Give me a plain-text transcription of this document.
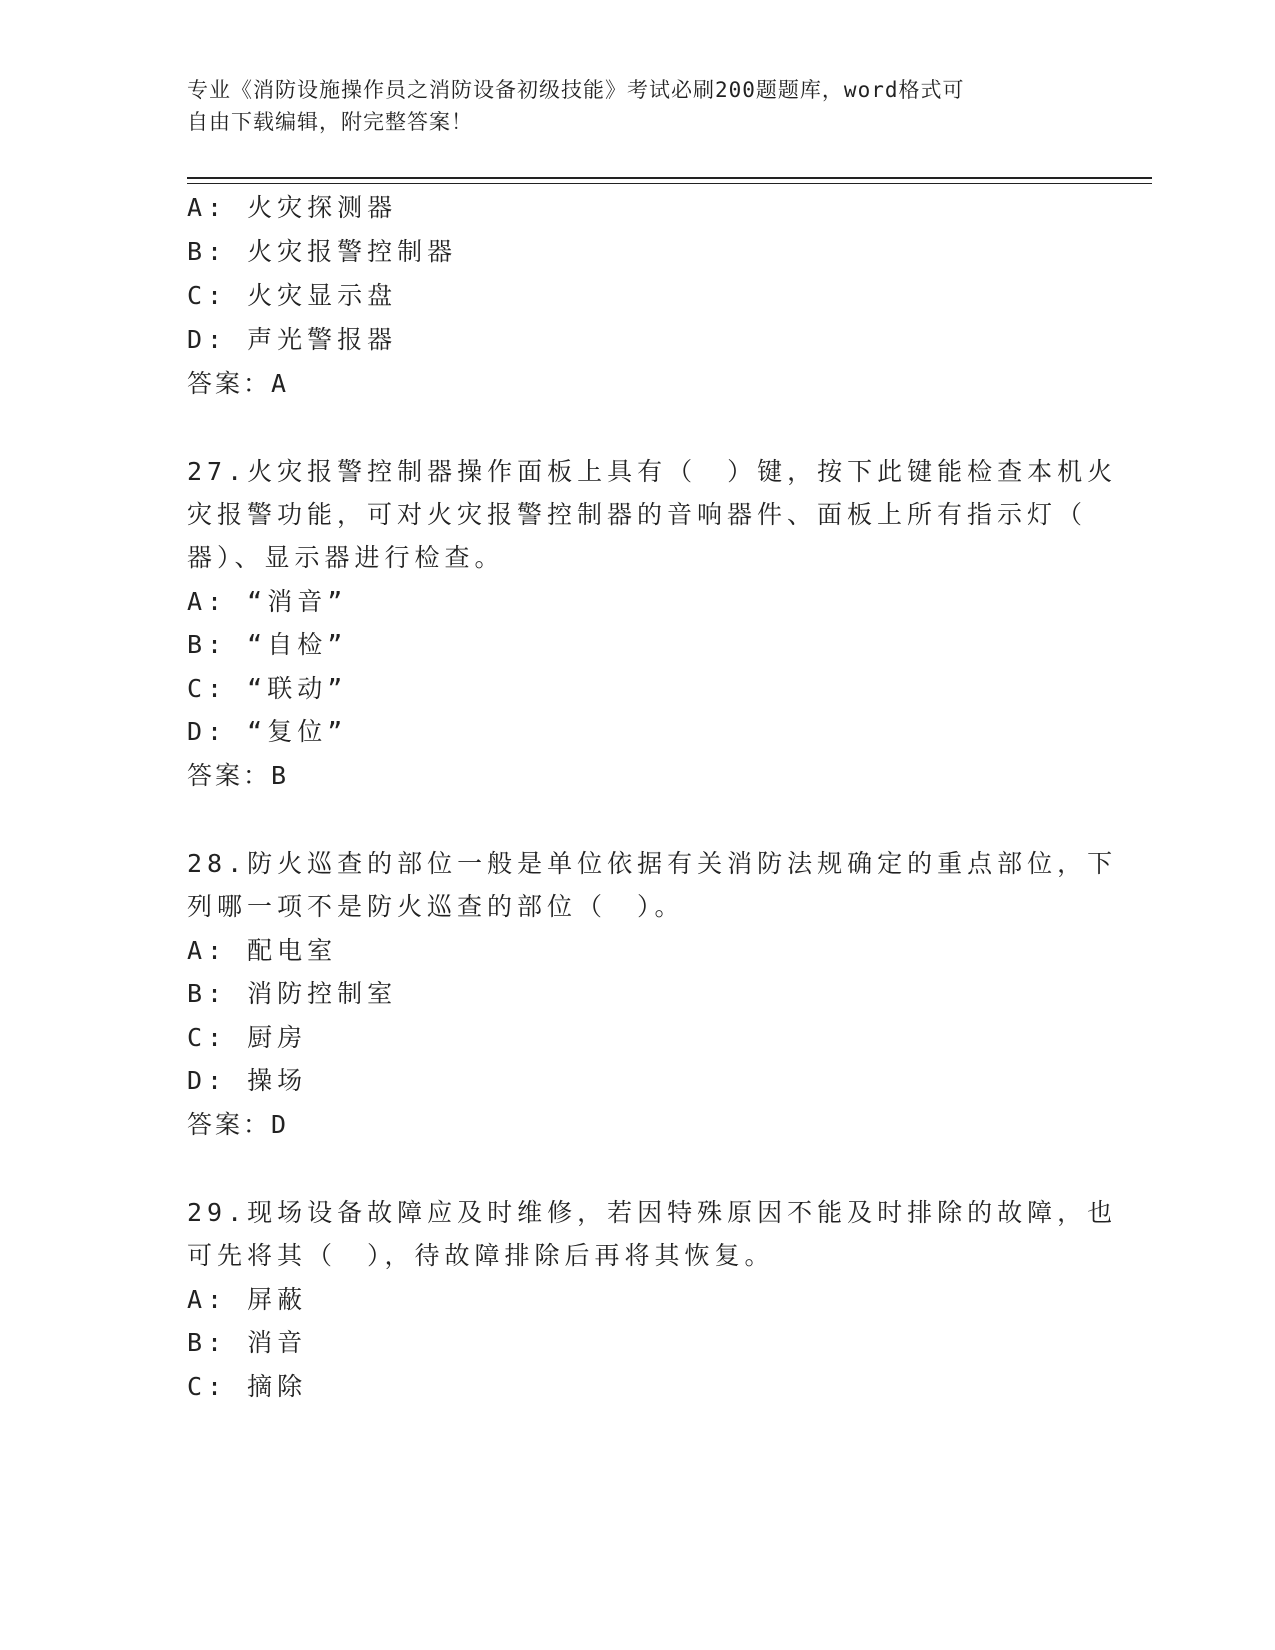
专业《消防设施操作员之消防设备初级技能》考试必刷200题题库，word格式可
自由下载编辑，附完整答案！
A: 火灾探测器
B: 火灾报警控制器
C: 火灾显示盘
D: 声光警报器
答案：A
27.火灾报警控制器操作面板上具有（　）键，按下此键能检查本机火
灾报警功能，可对火灾报警控制器的音响器件、面板上所有指示灯（
器）、显示器进行检查。
A: “消音”
B: “自检”
C: “联动”
D: “复位”
答案：B
28.防火巡查的部位一般是单位依据有关消防法规确定的重点部位，下
列哪一项不是防火巡查的部位（　）。
A: 配电室
B: 消防控制室
C: 厨房
D: 操场
答案：D
29.现场设备故障应及时维修，若因特殊原因不能及时排除的故障，也
可先将其（　），待故障排除后再将其恢复。
A: 屏蔽
B: 消音
C: 摘除
